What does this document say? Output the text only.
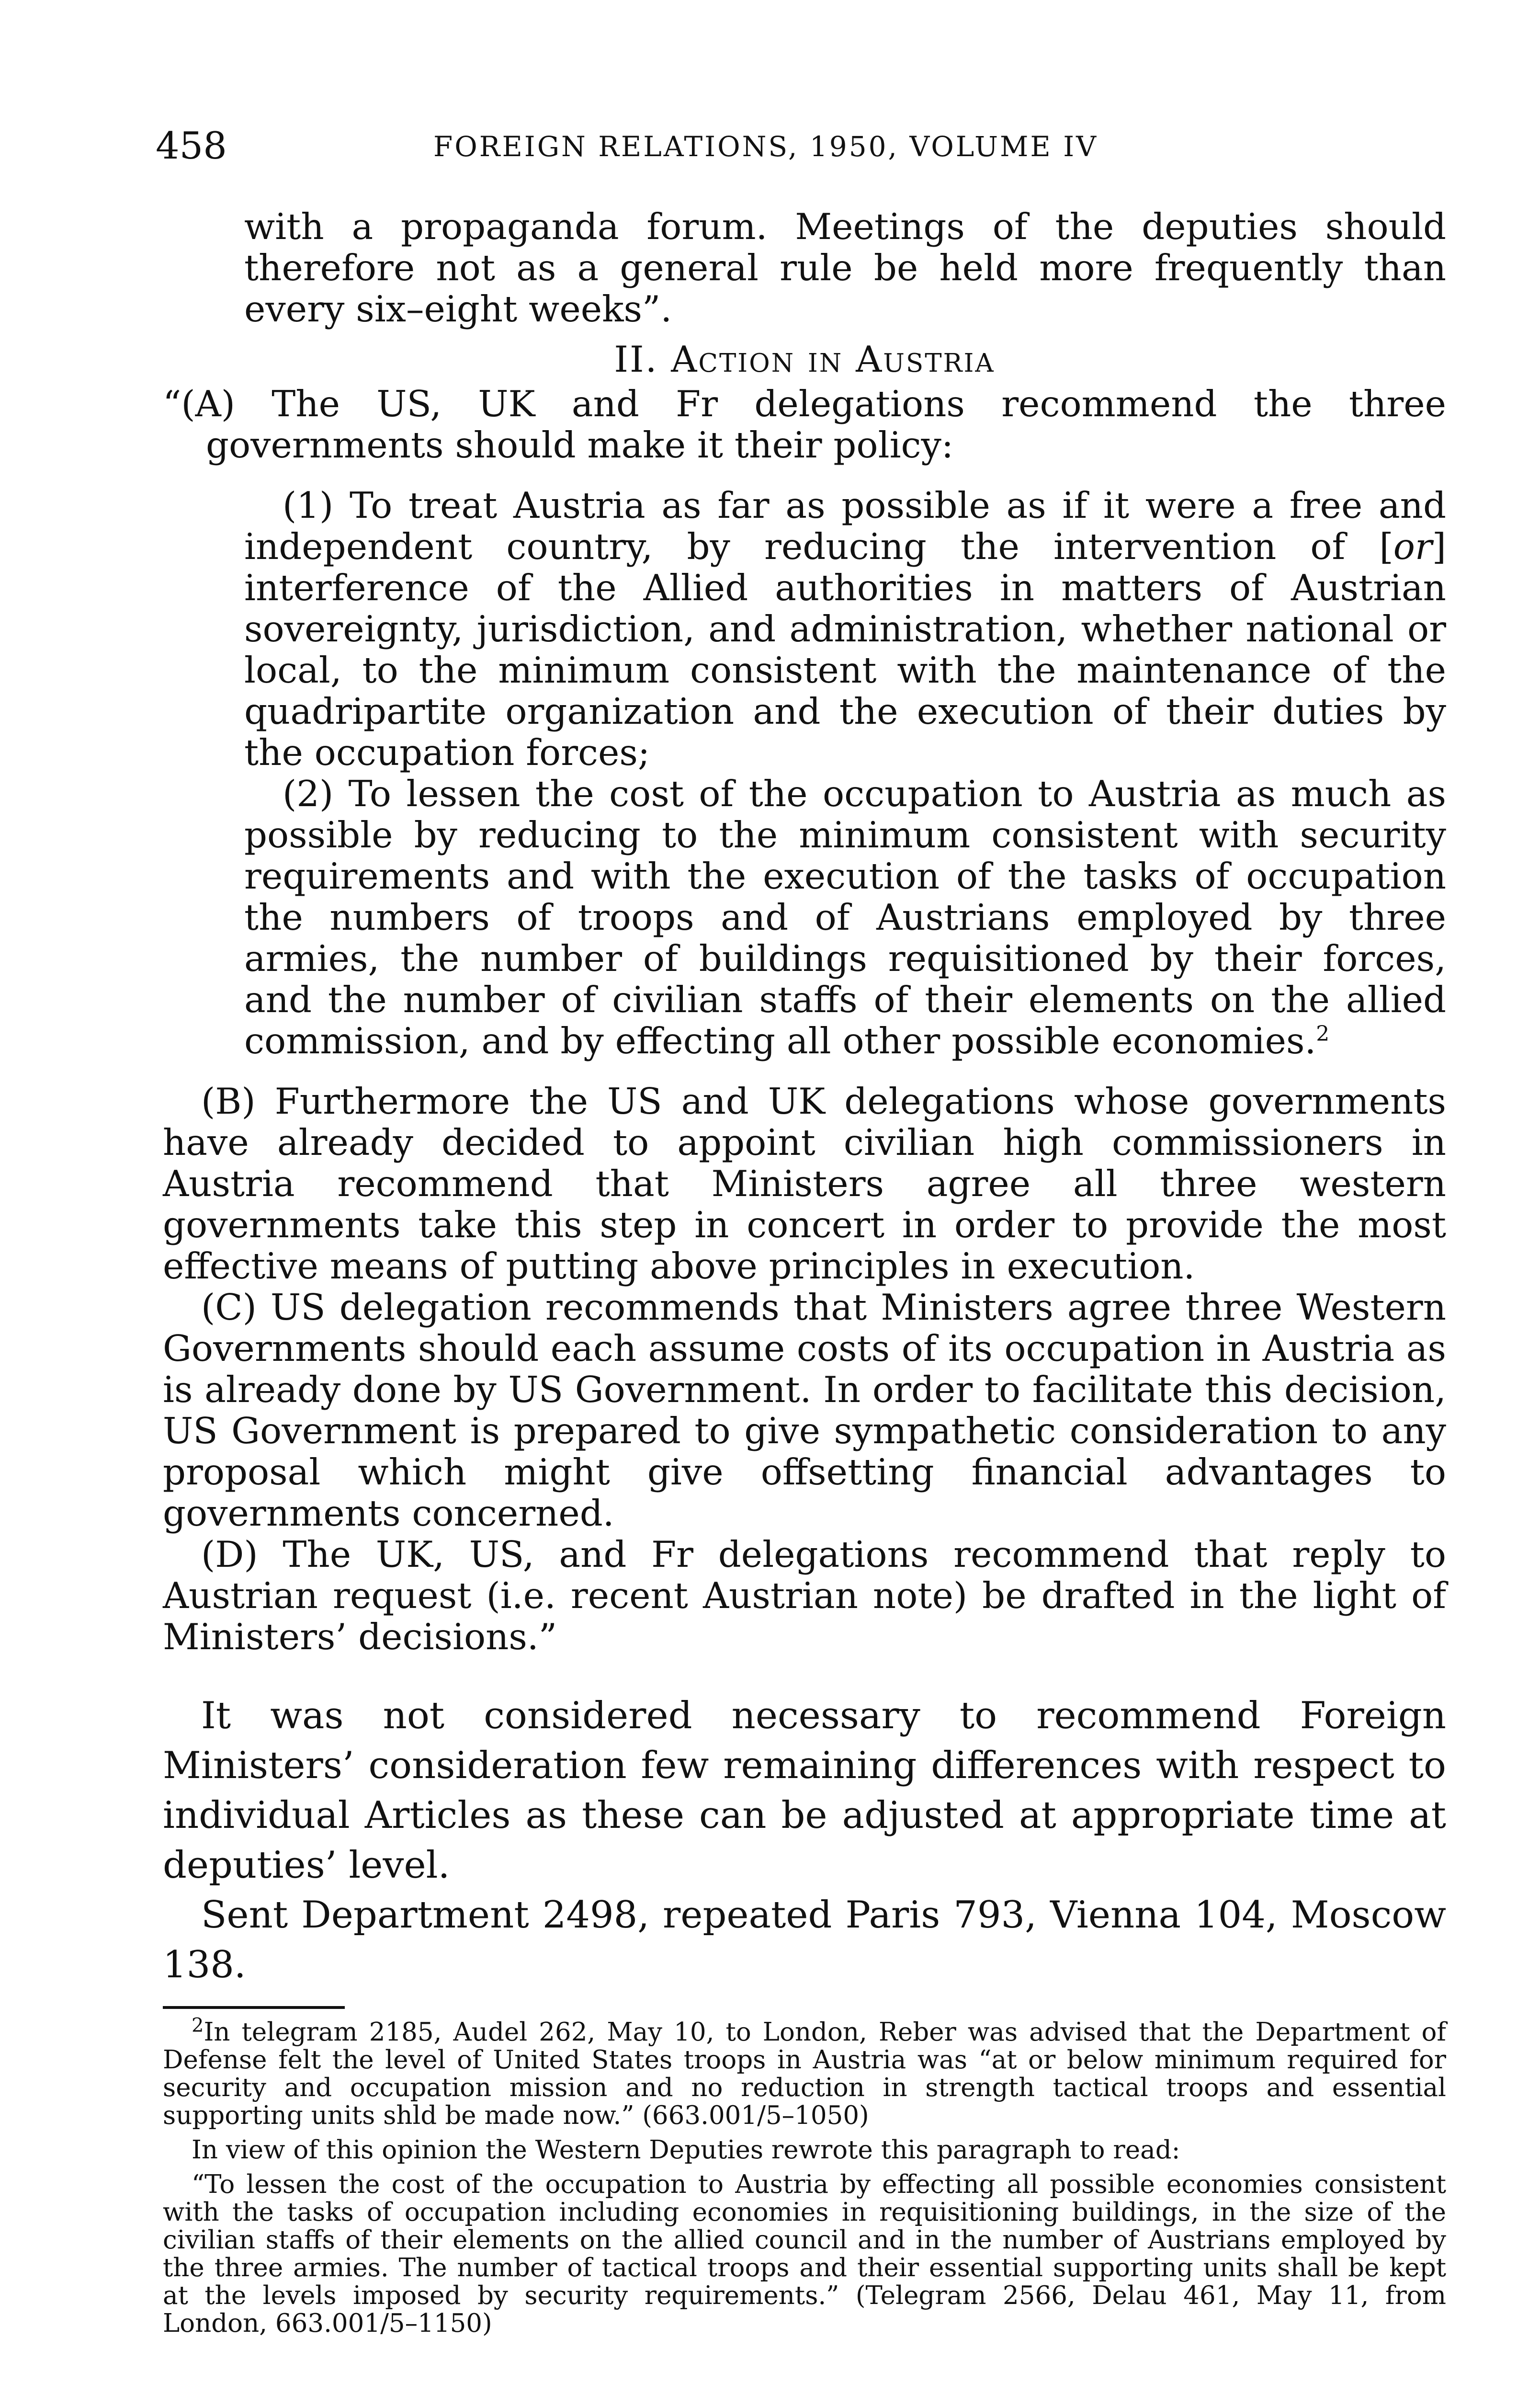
458	FOREIGN RELATIONS, 1950, VOLUME IV

with a propaganda forum. Meetings of the deputies should therefore not as a general rule be held more frequently than every six–eight weeks”.

II. Action in Austria

“(A) The US, UK and Fr delegations recommend the three governments should make it their policy:

(1) To treat Austria as far as possible as if it were a free and independent country, by reducing the intervention of [or] interference of the Allied authorities in matters of Austrian sovereignty, jurisdiction, and administration, whether national or local, to the minimum consistent with the maintenance of the quadripartite organization and the execution of their duties by the occupation forces;

(2) To lessen the cost of the occupation to Austria as much as possible by reducing to the minimum consistent with security requirements and with the execution of the tasks of occupation the numbers of troops and of Austrians employed by three armies, the number of buildings requisitioned by their forces, and the number of civilian staffs of their elements on the allied commission, and by effecting all other possible economies.$^2$

(B) Furthermore the US and UK delegations whose governments have already decided to appoint civilian high commissioners in Austria recommend that Ministers agree all three western governments take this step in concert in order to provide the most effective means of putting above principles in execution.

(C) US delegation recommends that Ministers agree three Western Governments should each assume costs of its occupation in Austria as is already done by US Government. In order to facilitate this decision, US Government is prepared to give sympathetic consideration to any proposal which might give offsetting financial advantages to governments concerned.

(D) The UK, US, and Fr delegations recommend that reply to Austrian request (i.e. recent Austrian note) be drafted in the light of Ministers’ decisions.”

It was not considered necessary to recommend Foreign Ministers’ consideration few remaining differences with respect to individual Articles as these can be adjusted at appropriate time at deputies’ level.

Sent Department 2498, repeated Paris 793, Vienna 104, Moscow 138.

$^2$In telegram 2185, Audel 262, May 10, to London, Reber was advised that the Department of Defense felt the level of United States troops in Austria was “at or below minimum required for security and occupation mission and no reduction in strength tactical troops and essential supporting units shld be made now.” (663.001/5–1050)

In view of this opinion the Western Deputies rewrote this paragraph to read:

“To lessen the cost of the occupation to Austria by effecting all possible economies consistent with the tasks of occupation including economies in requisitioning buildings, in the size of the civilian staffs of their elements on the allied council and in the number of Austrians employed by the three armies. The number of tactical troops and their essential supporting units shall be kept at the levels imposed by security requirements.” (Telegram 2566, Delau 461, May 11, from London, 663.001/5–1150)
